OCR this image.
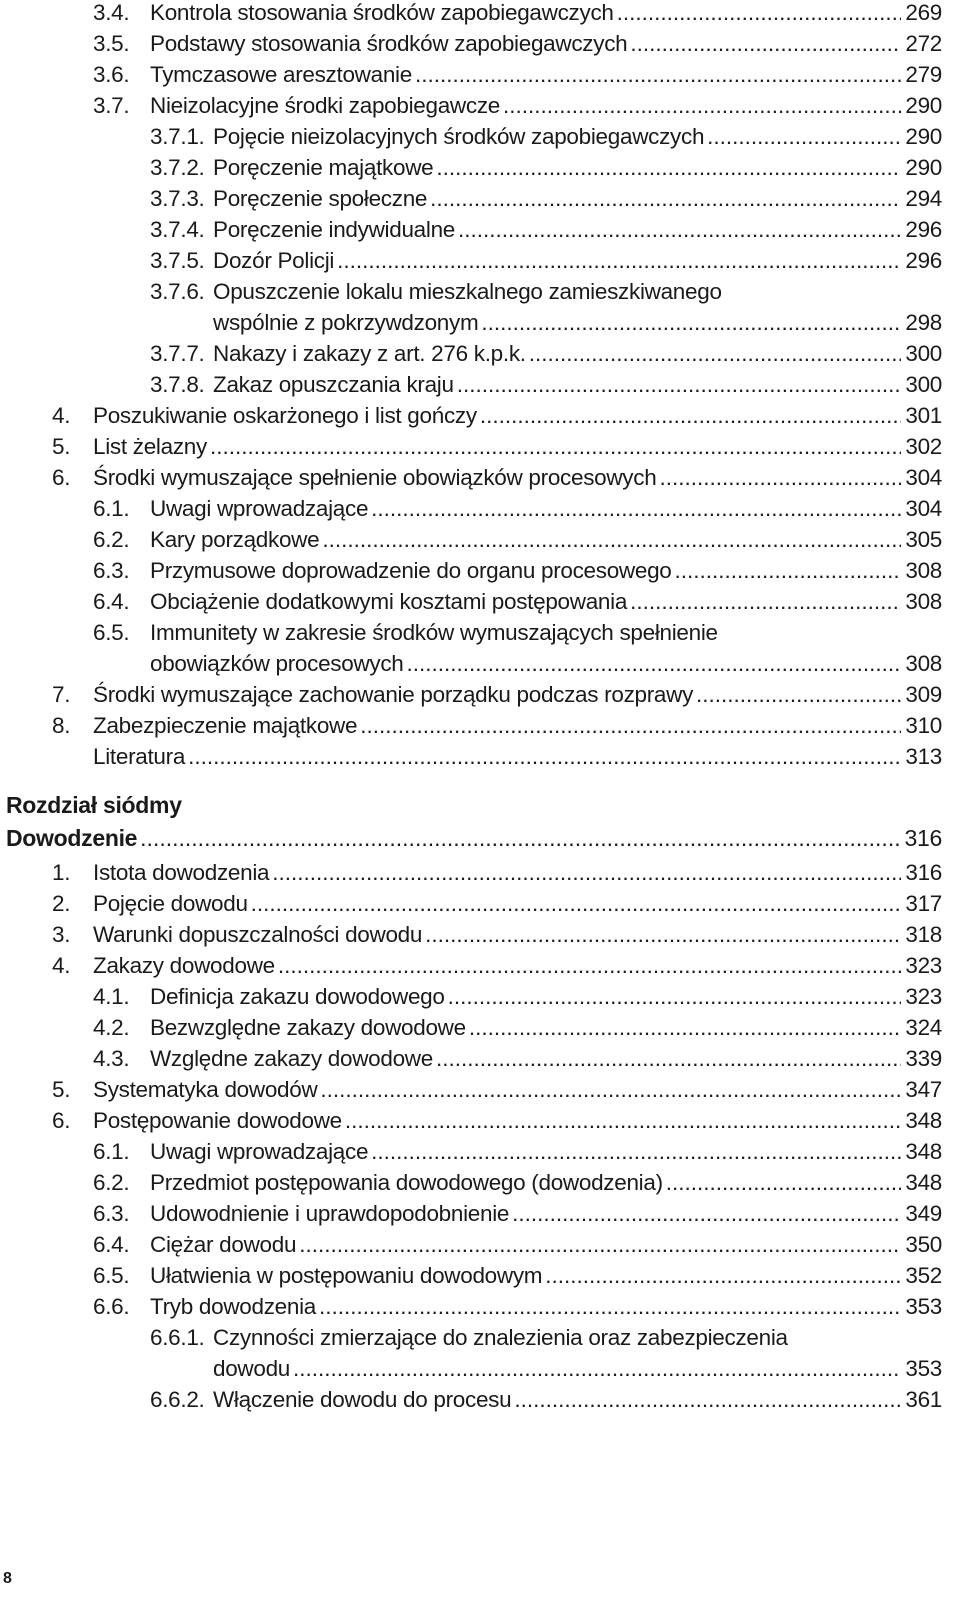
3.4. Kontrola stosowania środków zapobiegawczych .....	269
3.5. Podstawy stosowania środków zapobiegawczych .....	272
3.6. Tymczasowe aresztowanie .....	279
3.7. Nieizolacyjne środki zapobiegawcze .....	290
3.7.1. Pojęcie nieizolacyjnych środków zapobiegawczych .....	290
3.7.2. Poręczenie majątkowe .....	290
3.7.3. Poręczenie społeczne .....	294
3.7.4. Poręczenie indywidualne .....	296
3.7.5. Dozór Policji .....	296
3.7.6. Opuszczenie lokalu mieszkalnego zamieszkiwanego
wspólnie z pokrzywdzonym .....	298
3.7.7. Nakazy i zakazy z art. 276 k.p.k. .....	300
3.7.8. Zakaz opuszczania kraju .....	300
4. Poszukiwanie oskarżonego i list gończy .....	301
5. List żelazny .....	302
6. Środki wymuszające spełnienie obowiązków procesowych .....	304
6.1. Uwagi wprowadzające .....	304
6.2. Kary porządkowe .....	305
6.3. Przymusowe doprowadzenie do organu procesowego .....	308
6.4. Obciążenie dodatkowymi kosztami postępowania .....	308
6.5. Immunitety w zakresie środków wymuszających spełnienie
obowiązków procesowych .....	308
7. Środki wymuszające zachowanie porządku podczas rozprawy .....	309
8. Zabezpieczenie majątkowe .....	310
Literatura .....	313
Rozdział siódmy
Dowodzenie .....	316
1. Istota dowodzenia .....	316
2. Pojęcie dowodu .....	317
3. Warunki dopuszczalności dowodu .....	318
4. Zakazy dowodowe .....	323
4.1. Definicja zakazu dowodowego .....	323
4.2. Bezwzględne zakazy dowodowe .....	324
4.3. Względne zakazy dowodowe .....	339
5. Systematyka dowodów .....	347
6. Postępowanie dowodowe .....	348
6.1. Uwagi wprowadzające .....	348
6.2. Przedmiot postępowania dowodowego (dowodzenia) .....	348
6.3. Udowodnienie i uprawdopodobnienie .....	349
6.4. Ciężar dowodu .....	350
6.5. Ułatwienia w postępowaniu dowodowym .....	352
6.6. Tryb dowodzenia .....	353
6.6.1. Czynności zmierzające do znalezienia oraz zabezpieczenia
dowodu .....	353
6.6.2. Włączenie dowodu do procesu .....	361
8
